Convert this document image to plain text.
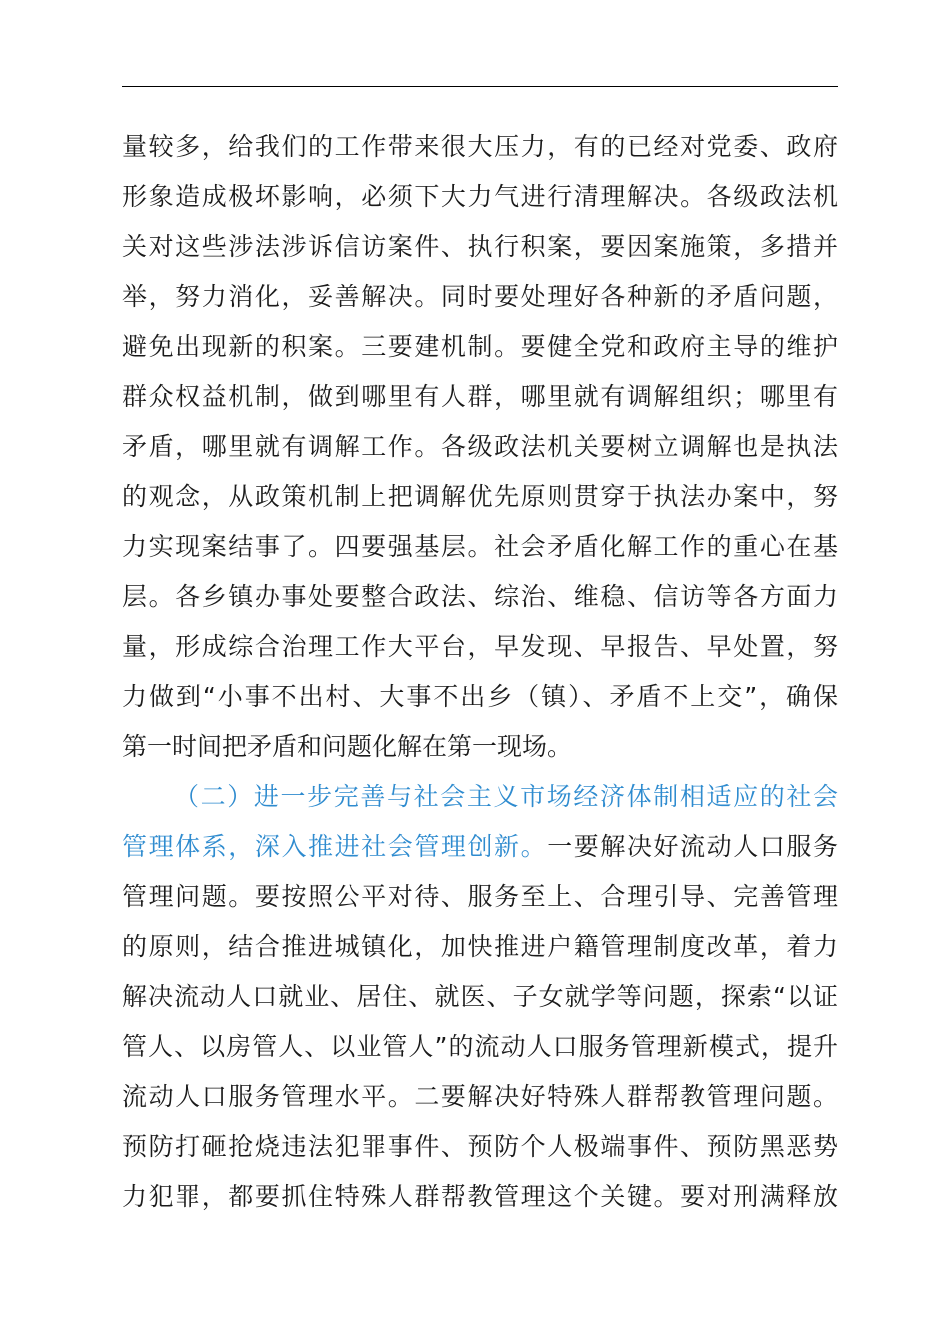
量较多，给我们的工作带来很大压力，有的已经对党委、政府
形象造成极坏影响，必须下大力气进行清理解决。各级政法机
关对这些涉法涉诉信访案件、执行积案，要因案施策，多措并
举，努力消化，妥善解决。同时要处理好各种新的矛盾问题，
避免出现新的积案。三要建机制。要健全党和政府主导的维护
群众权益机制，做到哪里有人群，哪里就有调解组织；哪里有
矛盾，哪里就有调解工作。各级政法机关要树立调解也是执法
的观念，从政策机制上把调解优先原则贯穿于执法办案中，努
力实现案结事了。四要强基层。社会矛盾化解工作的重心在基
层。各乡镇办事处要整合政法、综治、维稳、信访等各方面力
量，形成综合治理工作大平台，早发现、早报告、早处置，努
力做到“小事不出村、大事不出乡（镇）、矛盾不上交”，确保
第一时间把矛盾和问题化解在第一现场。
（二）进一步完善与社会主义市场经济体制相适应的社会
管理体系，深入推进社会管理创新。一要解决好流动人口服务
管理问题。要按照公平对待、服务至上、合理引导、完善管理
的原则，结合推进城镇化，加快推进户籍管理制度改革，着力
解决流动人口就业、居住、就医、子女就学等问题，探索“以证
管人、以房管人、以业管人”的流动人口服务管理新模式，提升
流动人口服务管理水平。二要解决好特殊人群帮教管理问题。
预防打砸抢烧违法犯罪事件、预防个人极端事件、预防黑恶势
力犯罪，都要抓住特殊人群帮教管理这个关键。要对刑满释放
